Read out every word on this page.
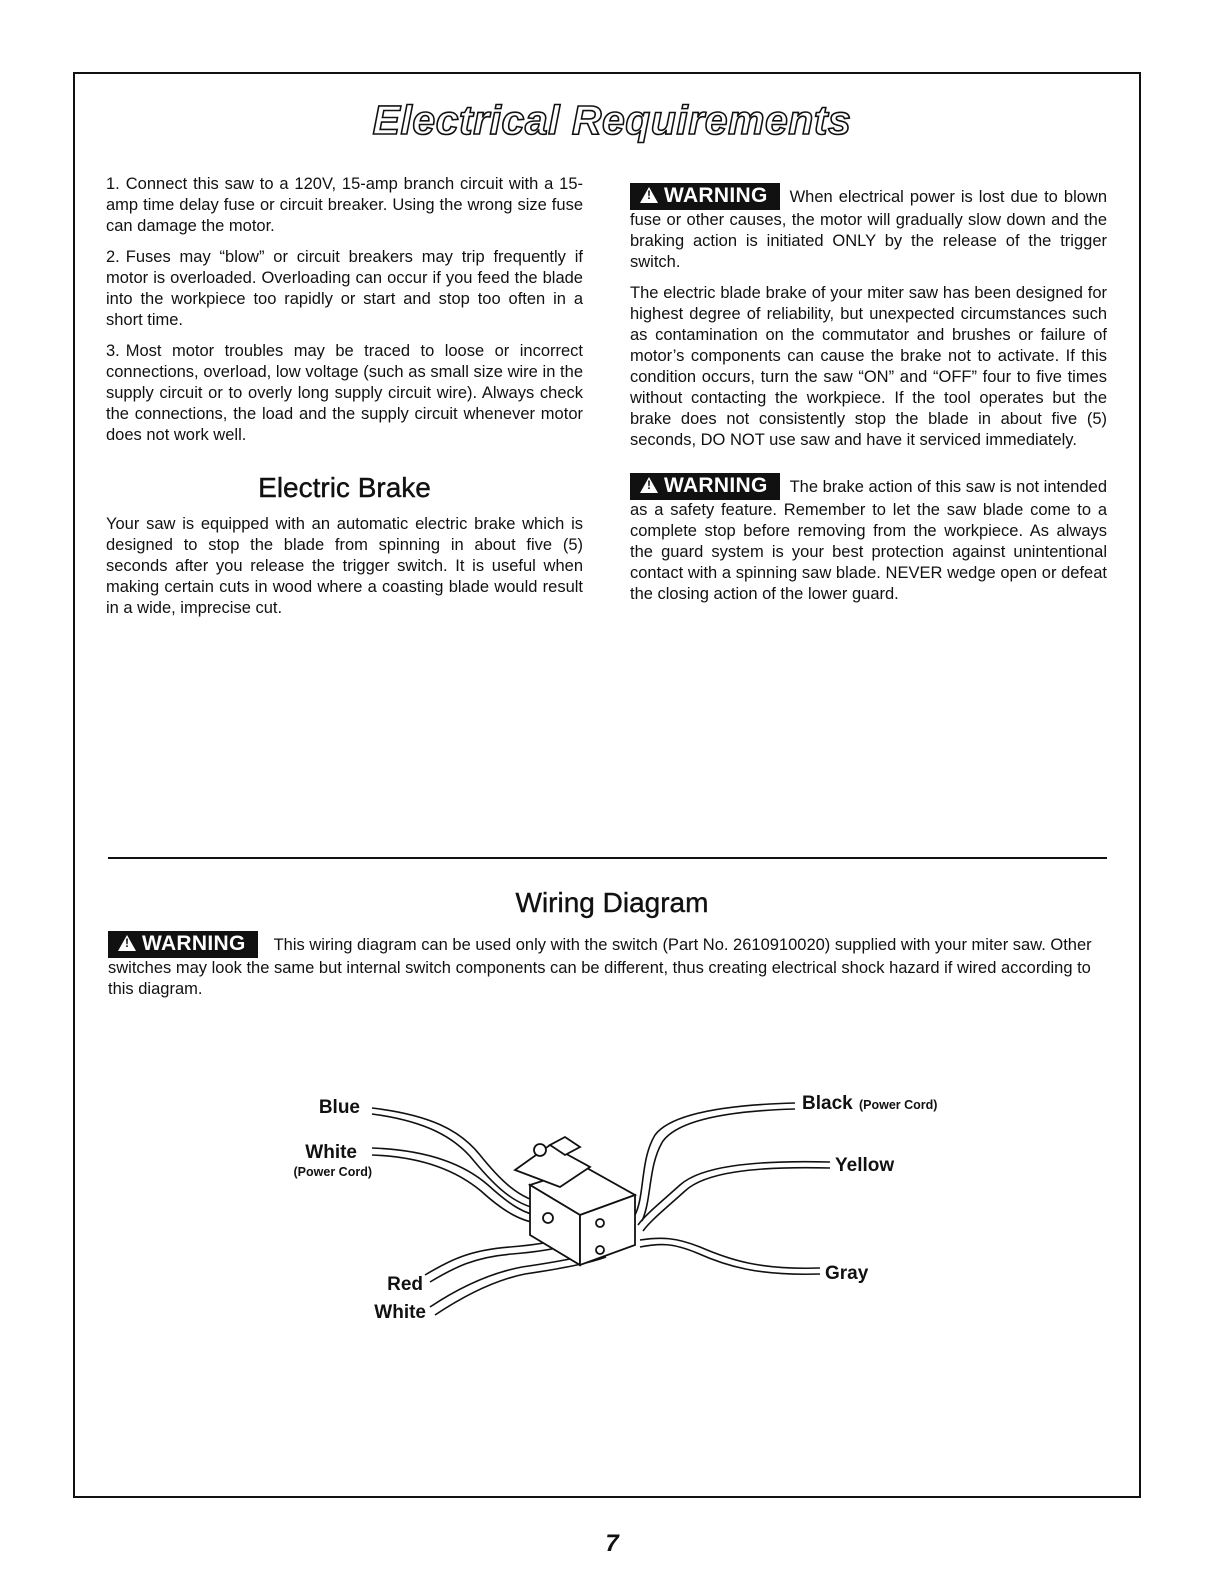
Electrical Requirements

1. Connect this saw to a 120V, 15-amp branch circuit with a 15-amp time delay fuse or circuit breaker. Using the wrong size fuse can damage the motor.

2. Fuses may “blow” or circuit breakers may trip frequently if motor is overloaded. Overloading can occur if you feed the blade into the workpiece too rapidly or start and stop too often in a short time.

3. Most motor troubles may be traced to loose or incorrect connections, overload, low voltage (such as small size wire in the supply circuit or to overly long supply circuit wire). Always check the connections, the load and the supply circuit whenever motor does not work well.

Electric Brake

Your saw is equipped with an automatic electric brake which is designed to stop the blade from spinning in about five (5) seconds after you release the trigger switch. It is useful when making certain cuts in wood where a coasting blade would result in a wide, imprecise cut.

!WARNING When electrical power is lost due to blown fuse or other causes, the motor will gradually slow down and the braking action is initiated ONLY by the release of the trigger switch.

The electric blade brake of your miter saw has been designed for highest degree of reliability, but unexpected circumstances such as contamination on the commutator and brushes or failure of motor’s components can cause the brake not to activate. If this condition occurs, turn the saw “ON” and “OFF” four to five times without contacting the workpiece. If the tool operates but the brake does not consistently stop the blade in about five (5) seconds, DO NOT use saw and have it serviced immediately.

!WARNING The brake action of this saw is not intended as a safety feature. Remember to let the saw blade come to a complete stop before removing from the workpiece. As always the guard system is your best protection against unintentional contact with a spinning saw blade. NEVER wedge open or defeat the closing action of the lower guard.

Wiring Diagram

!WARNING This wiring diagram can be used only with the switch (Part No. 2610910020) supplied with your miter saw. Other switches may look the same but internal switch components can be different, thus creating electrical shock hazard if wired according to this diagram.

Blue
White
(Power Cord)
Red
White
Black (Power Cord)
Yellow
Gray
7
